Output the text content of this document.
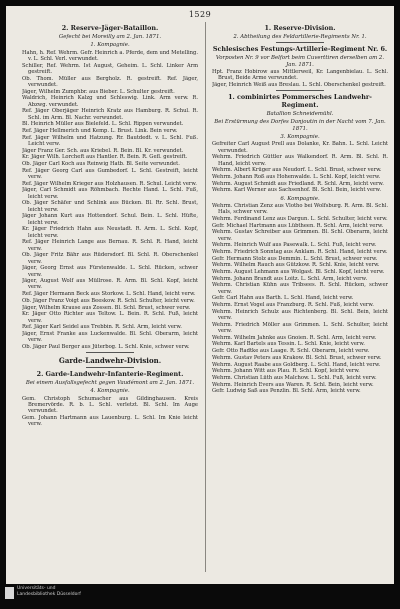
1529
2. Reserve-Jäger-Bataillon.
Gefecht bei Moreilly am 2. Jan. 1871.
1. Kompagnie.
Hahn, h. Ref. Wehrm. Gefr. Heinrich a. Pferde, dem und Metelling. v. L. Schl. Verl. verwundet.
Schiller, Ref. Wehrm. Ist August, Geheim. L. Schl. Linker Arm gestreift.
Ob. Thom. Müller aus Bergholz. R. gestreift. Ref. Jäger, verwundet.
Jäger, Wilhelm Zumphbr. aus Bieber. L. Schulter gestreift.
Waldrich, Heinrich Kalzg und Schleswig. Link. Arm verw. R. Abzwg. verwundet.
Ref. Jäger Oberjäger Heinrich Kratz aus Hamburg. R. Schul. R. Schl. im Arm. Bl. Nachr. verwundet.
Bl. Heinrich Müller aus Bielefeld. L. Schl. Rippen verwundet.
Ref. Jäger Hellmerich und Kemp. L. Brust. Link. Bein verw.
Ref. Jäger Wilhelm und Hatzung. Rr. Bautdedt. v. L. Schl. Fuß. Leicht verw.
Jäger Franz Ger. Sch. aus Kriebel. R. Bein. Bl. Kr. verwundet.
Kr. Jäger Wilh. Lorcheft aus Hantler. R. Bein. R. Gefl. gestreift.
Ob. Jäger Carl Koch aus Reinwig Hatb. Bl. Seite verwundet.
Ref. Jäger Georg Carl aus Gumbedorf. L. Schl. Gestreift, leicht verw.
Ref. Jäger Wilhelm Krieger aus Holzhausen. R. Schul. Leicht verw.
Jäger, Carl Schmidt aus Röhmbach. Rechte Hand. L. Schl. Fuß, leicht verw.
Ob. Jäger Schäfer und Schlink aus Bücken. Bl. Rr. Schl. Brust, leicht verw.
Jäger Johann Kurt aus Hottendorf. Schul. Bein. L. Schl. Hüfte, leicht verw.
Kr. Jäger Friedrich Hahn aus Neustadt. R. Arm. L. Schl. Kopf, leicht verw.
Ref. Jäger Heinrich Lange aus Bernau. R. Schl. R. Hand, leicht verw.
Ob. Jäger Fritz Bähr aus Rüdersdorf. Bl. Schl. R. Oberschenkel verw.
Jäger, Georg Ernst aus Fürstenwalde. L. Schl. Rücken, schwer verw.
Jäger, August Wolf aus Müllrose. R. Arm. Bl. Schl. Kopf, leicht verw.
Ref. Jäger Hermann Beck aus Storkow. L. Schl. Hand, leicht verw.
Ob. Jäger Franz Voigt aus Beeskow. R. Schl. Schulter, leicht verw.
Jäger, Wilhelm Krause aus Zossen. Bl. Schl. Brust, schwer verw.
Kr. Jäger Otto Richter aus Teltow. L. Bein. R. Schl. Fuß, leicht verw.
Ref. Jäger Karl Seidel aus Trebbin. R. Schl. Arm, leicht verw.
Jäger, Ernst Franke aus Luckenwalde. Bl. Schl. Oberarm, leicht verw.
Ob. Jäger Paul Berger aus Jüterbog. L. Schl. Knie, schwer verw.
Garde-Landwehr-Division.
2. Garde-Landwehr-Infanterie-Regiment.
Bei einem Ausfallsgefecht gegen Vaudémont am 2. Jan. 1871.
4. Kompagnie.
Gem. Christoph Schumacher aus Gildinghausen. Kreis Bremervörde. R. b. L. Schl. verletzt. Bl. Schl. Im Auge verwundet.
Gem. Johann Hartmann aus Lauenburg. L. Schl. Im Knie leicht verw.
1. Reserve-Division.
2. Abtheilung des Feldartillerie-Regiments Nr. 1.
Schlesisches Festungs-Artillerie-Regiment Nr. 6.
Vorposten Nr. 9 vor Belfort beim Cuverttiren derselben am 2. Jan. 1871.
Hpt. Franz Hobirow aus Mittlerweil, Kr. Langenbielau. L. Schl. Brust, Beide Arme verwundet.
Jäger, Heinrich Weiß aus Breslau. L. Schl. Oberschenkel gestreift.
1. combinirtes Pommersches Landwehr-Regiment.
Batallion Schneidemühl.
Bei Erstürmung des Dorfes Danjoutin in der Nacht vom 7. Jan. 1871.
3. Kompagnie.
Gefreiter Carl August Prell aus Dolanke, Kr. Bahn. L. Schl. Leicht verwundet.
Wehrm. Friedrich Güttler aus Walkendorf. R. Arm. Bl. Schl. R. Hand, leicht verw.
Wehrm. Albert Krüger aus Neudorf. L. Schl. Brust, schwer verw.
Wehrm. Johann Roß aus Hohenwalde. L. Schl. Kopf, leicht verw.
Wehrm. August Schmidt aus Friedland. R. Schl. Arm, leicht verw.
Wehrm. Karl Werner aus Sachsenhof. Bl. Schl. Bein, leicht verw.
6. Kompagnie.
Wehrm. Christian Zenz aus Vlotho bei Wolfsburg. R. Arm. Bl. Schl. Hals, schwer verw.
Wehrm. Ferdinand Lenz aus Dargun. L. Schl. Schulter, leicht verw.
Gefr. Michael Hartmann aus Lübtheen. R. Schl. Arm, leicht verw.
Wehrm. Gustav Schreiber aus Grimmen. Bl. Schl. Oberarm, leicht verw.
Wehrm. Heinrich Wulf aus Pasewalk. L. Schl. Fuß, leicht verw.
Wehrm. Friedrich Sonntag aus Anklam. R. Schl. Hand, leicht verw.
Gefr. Hermann Stolz aus Demmin. L. Schl. Brust, schwer verw.
Wehrm. Wilhelm Rauch aus Gützkow. R. Schl. Knie, leicht verw.
Wehrm. August Lehmann aus Wolgast. Bl. Schl. Kopf, leicht verw.
Wehrm. Johann Brandt aus Loitz. L. Schl. Arm, leicht verw.
Wehrm. Christian Kühn aus Tribsees. R. Schl. Rücken, schwer verw.
Gefr. Carl Hahn aus Barth. L. Schl. Hand, leicht verw.
Wehrm. Ernst Vogel aus Franzburg. R. Schl. Fuß, leicht verw.
Wehrm. Heinrich Schulz aus Richtenberg. Bl. Schl. Bein, leicht verw.
Wehrm. Friedrich Möller aus Grimmen. L. Schl. Schulter, leicht verw.
Wehrm. Wilhelm Jahnke aus Gnoien. R. Schl. Arm, leicht verw.
Wehrm. Karl Bartels aus Tessin. L. Schl. Knie, leicht verw.
Gefr. Otto Radtke aus Laage. R. Schl. Oberarm, leicht verw.
Wehrm. Gustav Peters aus Krakow. Bl. Schl. Brust, schwer verw.
Wehrm. August Raabe aus Goldberg. L. Schl. Hand, leicht verw.
Wehrm. Johann Witt aus Plau. R. Schl. Kopf, leicht verw.
Wehrm. Christian Lüth aus Malchow. L. Schl. Fuß, leicht verw.
Wehrm. Heinrich Evers aus Waren. R. Schl. Bein, leicht verw.
Gefr. Ludwig Saß aus Penzlin. Bl. Schl. Arm, leicht verw.
Universitäts- und
Landesbibliothek Düsseldorf
